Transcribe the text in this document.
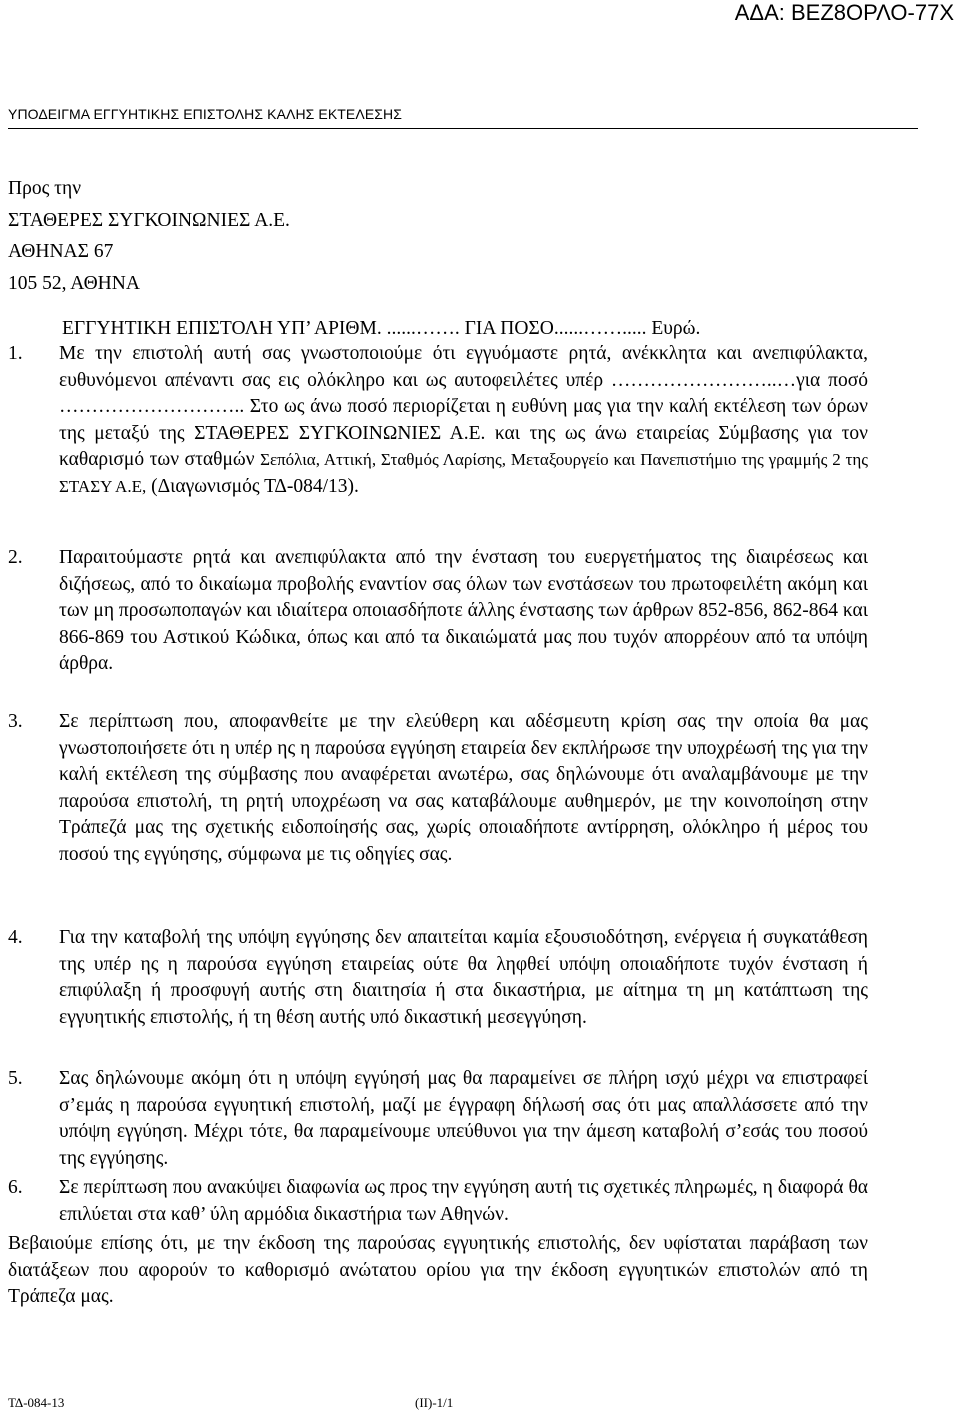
ΑΔΑ: ΒΕΖ8ΟΡΛΟ-77Χ
ΥΠΟΔΕΙΓΜΑ ΕΓΓΥΗΤΙΚΗΣ ΕΠΙΣΤΟΛΗΣ ΚΑΛΗΣ ΕΚΤΕΛΕΣΗΣ
Προς την
ΣΤΑΘΕΡΕΣ ΣΥΓΚΟΙΝΩΝΙΕΣ Α.Ε.
ΑΘΗΝΑΣ 67
105 52, ΑΘΗΝΑ
ΕΓΓΥΗΤΙΚΗ ΕΠΙΣΤΟΛΗ ΥΠ’ ΑΡΙΘΜ. ......……. ΓΙΑ ΠΟΣΟ......……..... Ευρώ.
1. Με την επιστολή αυτή σας γνωστοποιούμε ότι εγγυόμαστε ρητά, ανέκκλητα και ανεπιφύλακτα, ευθυνόμενοι απέναντι σας εις ολόκληρο και ως αυτοφειλέτες υπέρ ……………………..…για ποσό ……………………….. Στο ως άνω ποσό περιορίζεται η ευθύνη μας για την καλή εκτέλεση των όρων της μεταξύ της ΣΤΑΘΕΡΕΣ ΣΥΓΚΟΙΝΩΝΙΕΣ Α.Ε. και της ως άνω εταιρείας Σύμβασης για τον καθαρισμό των σταθμών Σεπόλια, Αττική, Σταθμός Λαρίσης, Μεταξουργείο και Πανεπιστήμιο της γραμμής 2 της ΣΤΑΣΥ Α.Ε, (Διαγωνισμός ΤΔ-084/13).
2. Παραιτούμαστε ρητά και ανεπιφύλακτα από την ένσταση του ευεργετήματος της διαιρέσεως και διζήσεως, από το δικαίωμα προβολής εναντίον σας όλων των ενστάσεων του πρωτοφειλέτη ακόμη και των μη προσωποπαγών και ιδιαίτερα οποιασδήποτε άλλης ένστασης των άρθρων 852-856, 862-864 και 866-869 του Αστικού Κώδικα, όπως και από τα δικαιώματά μας που τυχόν απορρέουν από τα υπόψη άρθρα.
3. Σε περίπτωση που, αποφανθείτε με την ελεύθερη και αδέσμευτη κρίση σας την οποία θα μας γνωστοποιήσετε ότι η υπέρ ης η παρούσα εγγύηση εταιρεία δεν εκπλήρωσε την υποχρέωσή της για την καλή εκτέλεση της σύμβασης που αναφέρεται ανωτέρω, σας δηλώνουμε ότι αναλαμβάνουμε με την παρούσα επιστολή, τη ρητή υποχρέωση να σας καταβάλουμε αυθημερόν, με την κοινοποίηση στην Τράπεζά μας της σχετικής ειδοποίησής σας, χωρίς οποιαδήποτε αντίρρηση, ολόκληρο ή μέρος του ποσού της εγγύησης, σύμφωνα με τις οδηγίες σας.
4. Για την καταβολή της υπόψη εγγύησης δεν απαιτείται καμία εξουσιοδότηση, ενέργεια ή συγκατάθεση της υπέρ ης η παρούσα εγγύηση εταιρείας ούτε θα ληφθεί υπόψη οποιαδήποτε τυχόν ένσταση ή επιφύλαξη ή προσφυγή αυτής στη διαιτησία ή στα δικαστήρια, με αίτημα τη μη κατάπτωση της εγγυητικής επιστολής, ή τη θέση αυτής υπό δικαστική μεσεγγύηση.
5. Σας δηλώνουμε ακόμη ότι η υπόψη εγγύησή μας θα παραμείνει σε πλήρη ισχύ μέχρι να επιστραφεί σ’εμάς η παρούσα εγγυητική επιστολή, μαζί με έγγραφη δήλωσή σας ότι μας απαλλάσσετε από την υπόψη εγγύηση. Μέχρι τότε, θα παραμείνουμε υπεύθυνοι για την άμεση καταβολή σ’εσάς του ποσού της εγγύησης.
6. Σε περίπτωση που ανακύψει διαφωνία ως προς την εγγύηση αυτή τις σχετικές πληρωμές, η διαφορά θα επιλύεται στα καθ’ ύλη αρμόδια δικαστήρια των Αθηνών.
Βεβαιούμε επίσης ότι, με την έκδοση της παρούσας εγγυητικής επιστολής, δεν υφίσταται παράβαση των διατάξεων που αφορούν το καθορισμό ανώτατου ορίου για την έκδοση εγγυητικών επιστολών από τη Τράπεζα μας.
ΤΔ-084-13	(ΙΙ)-1/1
